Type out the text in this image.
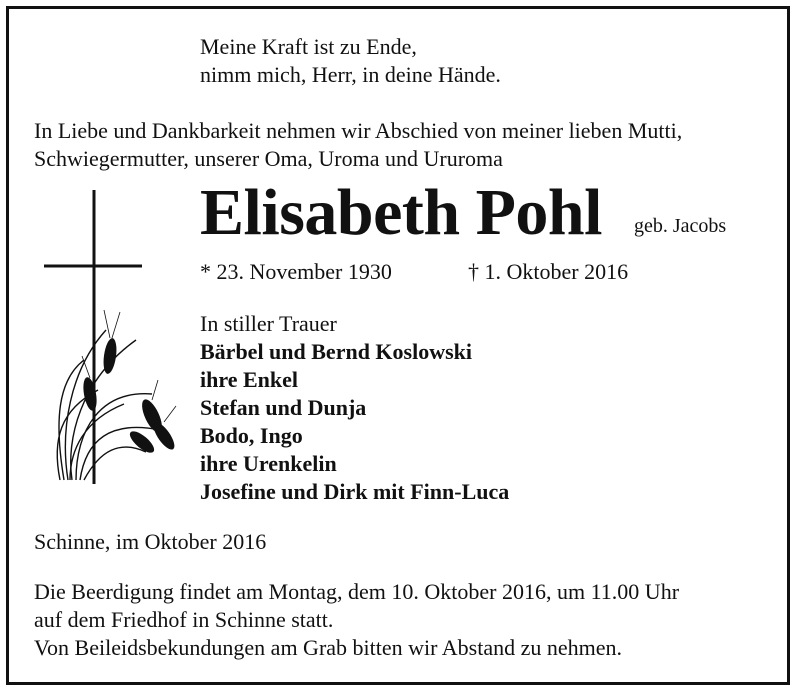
Meine Kraft ist zu Ende,
nimm mich, Herr, in deine Hände.
In Liebe und Dankbarkeit nehmen wir Abschied von meiner lieben Mutti,
Schwiegermutter, unserer Oma, Uroma und Ururoma
Elisabeth Pohl geb. Jacobs
* 23. November 1930	† 1. Oktober 2016
In stiller Trauer
Bärbel und Bernd Koslowski
ihre Enkel
Stefan und Dunja
Bodo, Ingo
ihre Urenkelin
Josefine und Dirk mit Finn-Luca
Schinne, im Oktober 2016
Die Beerdigung findet am Montag, dem 10. Oktober 2016, um 11.00 Uhr
auf dem Friedhof in Schinne statt.
Von Beileidsbekundungen am Grab bitten wir Abstand zu nehmen.
